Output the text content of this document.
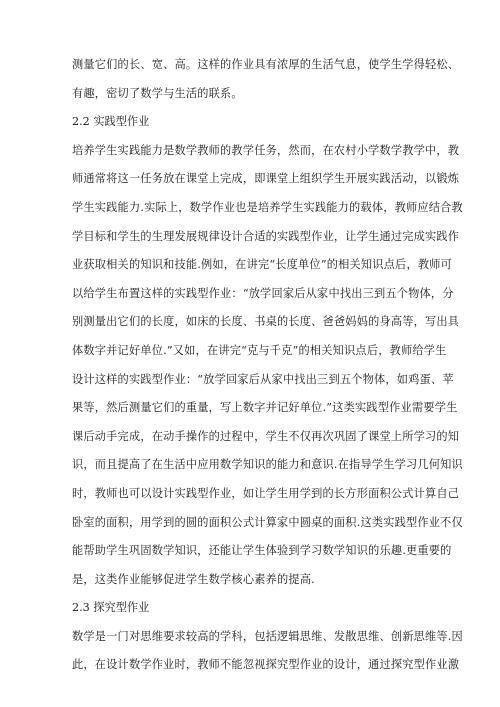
测量它们的长、宽、高。这样的作业具有浓厚的生活气息，使学生学得轻松、
有趣，密切了数学与生活的联系。
2.2 实践型作业
培养学生实践能力是数学教师的教学任务，然而，在农村小学数学教学中，教
师通常将这一任务放在课堂上完成，即课堂上组织学生开展实践活动，以锻炼
学生实践能力.实际上，数学作业也是培养学生实践能力的载体，教师应结合教
学目标和学生的生理发展规律设计合适的实践型作业，让学生通过完成实践作
业获取相关的知识和技能.例如，在讲完“长度单位”的相关知识点后，教师可
以给学生布置这样的实践型作业：“放学回家后从家中找出三到五个物体，分
别测量出它们的长度，如床的长度、书桌的长度、爸爸妈妈的身高等，写出具
体数字并记好单位.”又如，在讲完“克与千克”的相关知识点后，教师给学生
设计这样的实践型作业：“放学回家后从家中找出三到五个物体，如鸡蛋、苹
果等，然后测量它们的重量，写上数字并记好单位.”这类实践型作业需要学生
课后动手完成，在动手操作的过程中，学生不仅再次巩固了课堂上所学习的知
识，而且提高了在生活中应用数学知识的能力和意识.在指导学生学习几何知识
时，教师也可以设计实践型作业，如让学生用学到的长方形面积公式计算自己
卧室的面积，用学到的圆的面积公式计算家中圆桌的面积.这类实践型作业不仅
能帮助学生巩固数学知识，还能让学生体验到学习数学知识的乐趣.更重要的
是，这类作业能够促进学生数学核心素养的提高.
2.3 探究型作业
数学是一门对思维要求较高的学科，包括逻辑思维、发散思维、创新思维等.因
此，在设计数学作业时，教师不能忽视探究型作业的设计，通过探究型作业激
